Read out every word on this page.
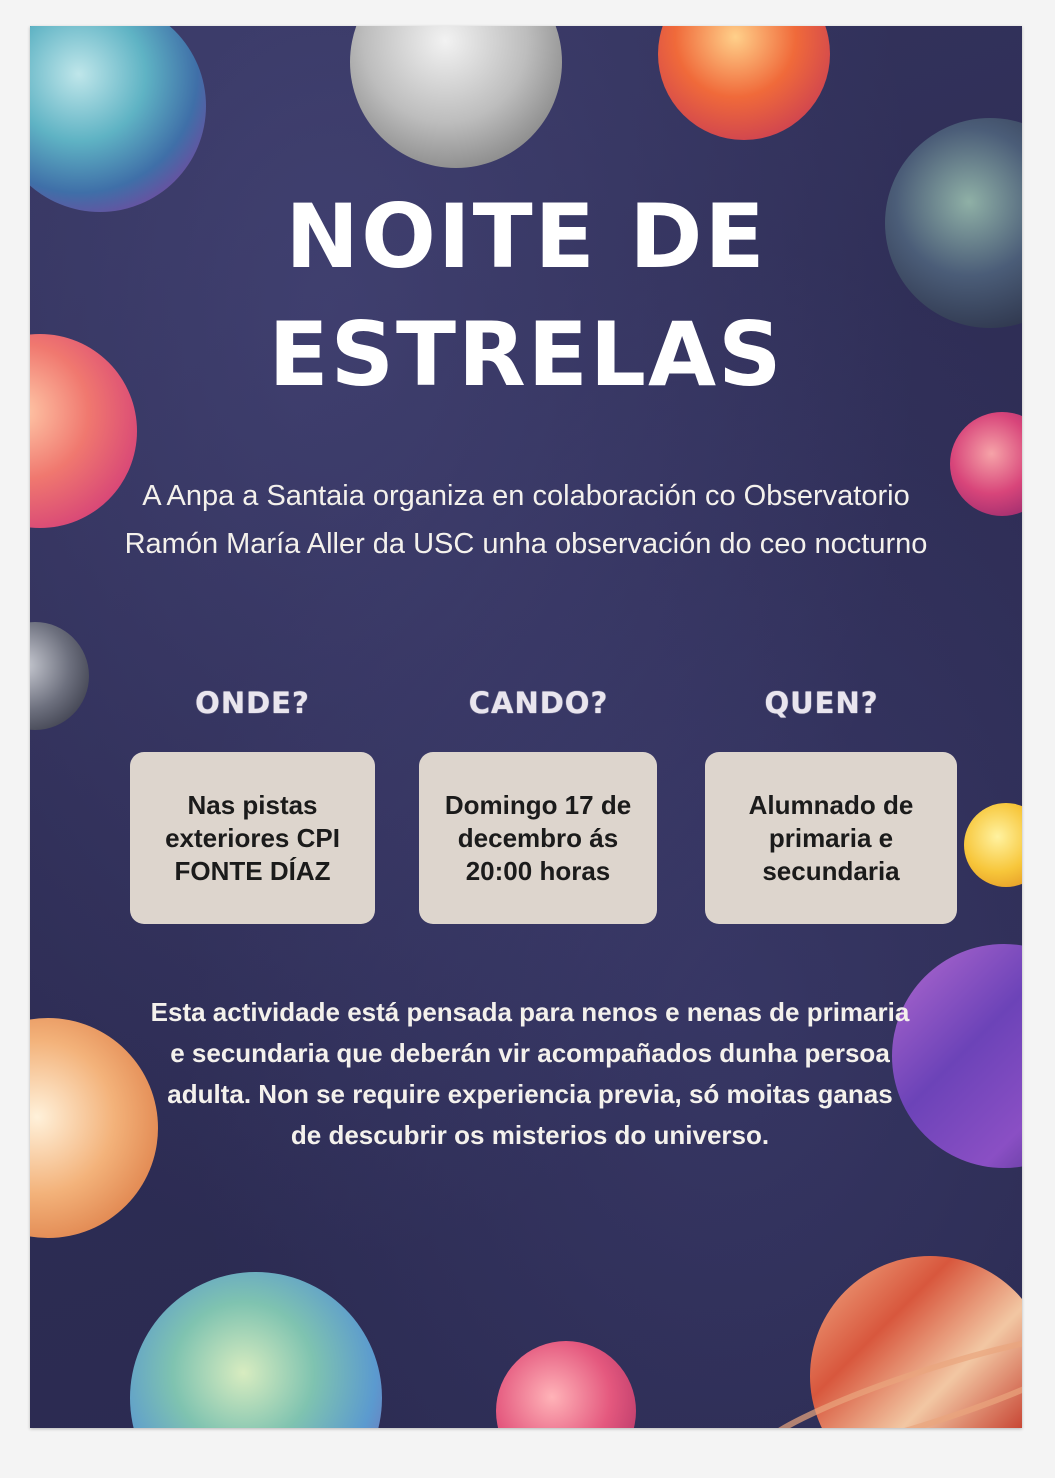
NOITE DE
ESTRELAS

A Anpa a Santaia organiza en colaboración co Observatorio Ramón María Aller da USC unha observación do ceo nocturno

ONDE?	CANDO?	QUEN?
Nas pistas
exteriores CPI
FONTE DÍAZ
Domingo 17 de
decembro ás
20:00 horas
Alumnado de
primaria e
secundaria

Esta actividade está pensada para nenos e nenas de primaria e secundaria que deberán vir acompañados dunha persoa adulta. Non se require experiencia previa, só moitas ganas de descubrir os misterios do universo.
